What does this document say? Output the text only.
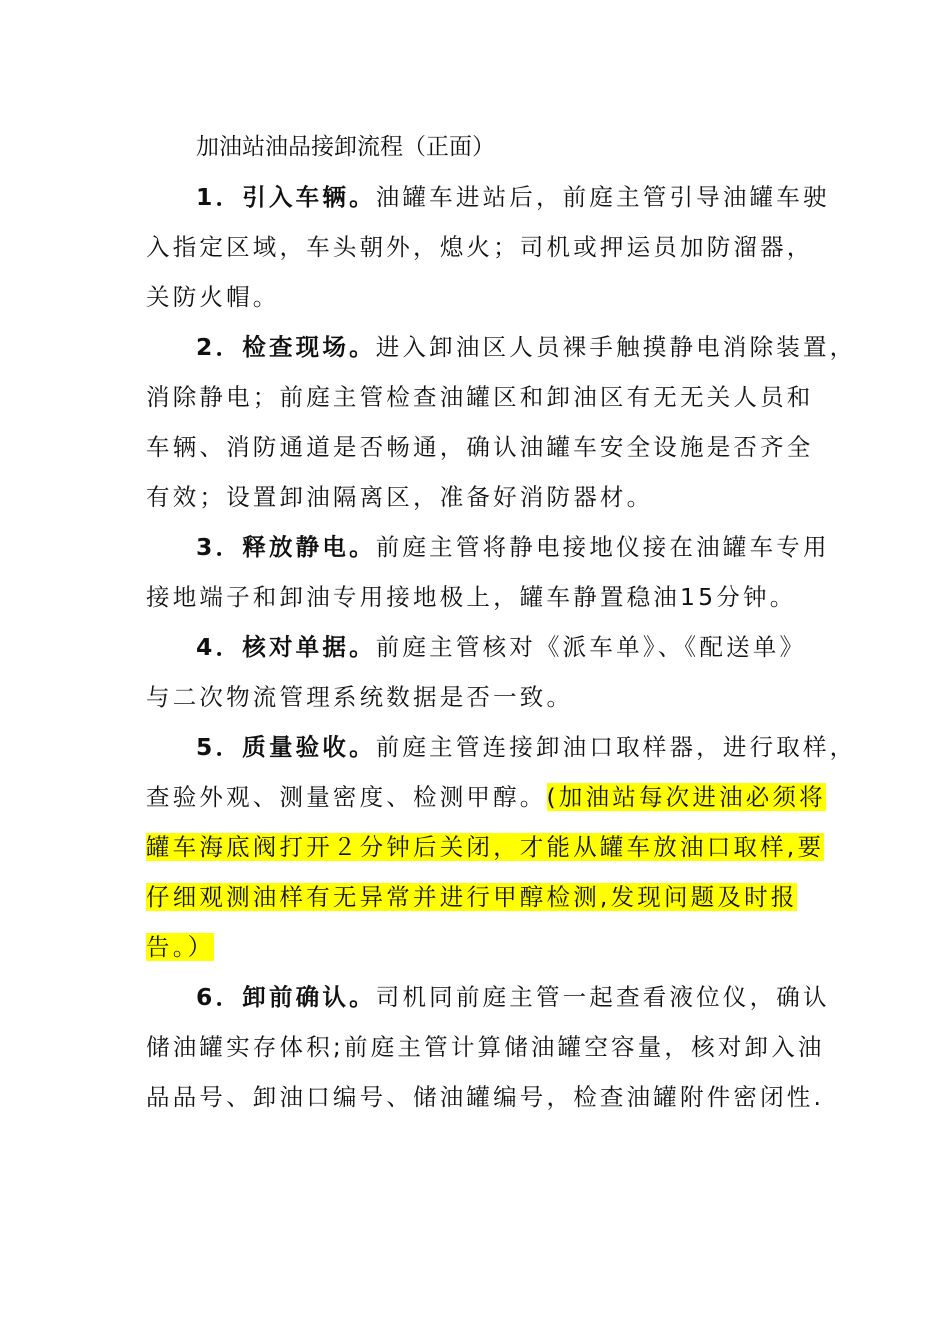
加油站油品接卸流程（正面）
1．引入车辆。油罐车进站后，前庭主管引导油罐车驶
入指定区域，车头朝外，熄火；司机或押运员加防溜器，
关防火帽。
2．检查现场。进入卸油区人员裸手触摸静电消除装置，
消除静电；前庭主管检查油罐区和卸油区有无无关人员和
车辆、消防通道是否畅通，确认油罐车安全设施是否齐全
有效；设置卸油隔离区，准备好消防器材。
3．释放静电。前庭主管将静电接地仪接在油罐车专用
接地端子和卸油专用接地极上，罐车静置稳油15分钟。
4．核对单据。前庭主管核对《派车单》、《配送单》
与二次物流管理系统数据是否一致。
5．质量验收。前庭主管连接卸油口取样器，进行取样，
查验外观、测量密度、检测甲醇。(加油站每次进油必须将
罐车海底阀打开２分钟后关闭，才能从罐车放油口取样,要
仔细观测油样有无异常并进行甲醇检测,发现问题及时报
告。）
6．卸前确认。司机同前庭主管一起查看液位仪，确认
储油罐实存体积;前庭主管计算储油罐空容量，核对卸入油
品品号、卸油口编号、储油罐编号，检查油罐附件密闭性.
